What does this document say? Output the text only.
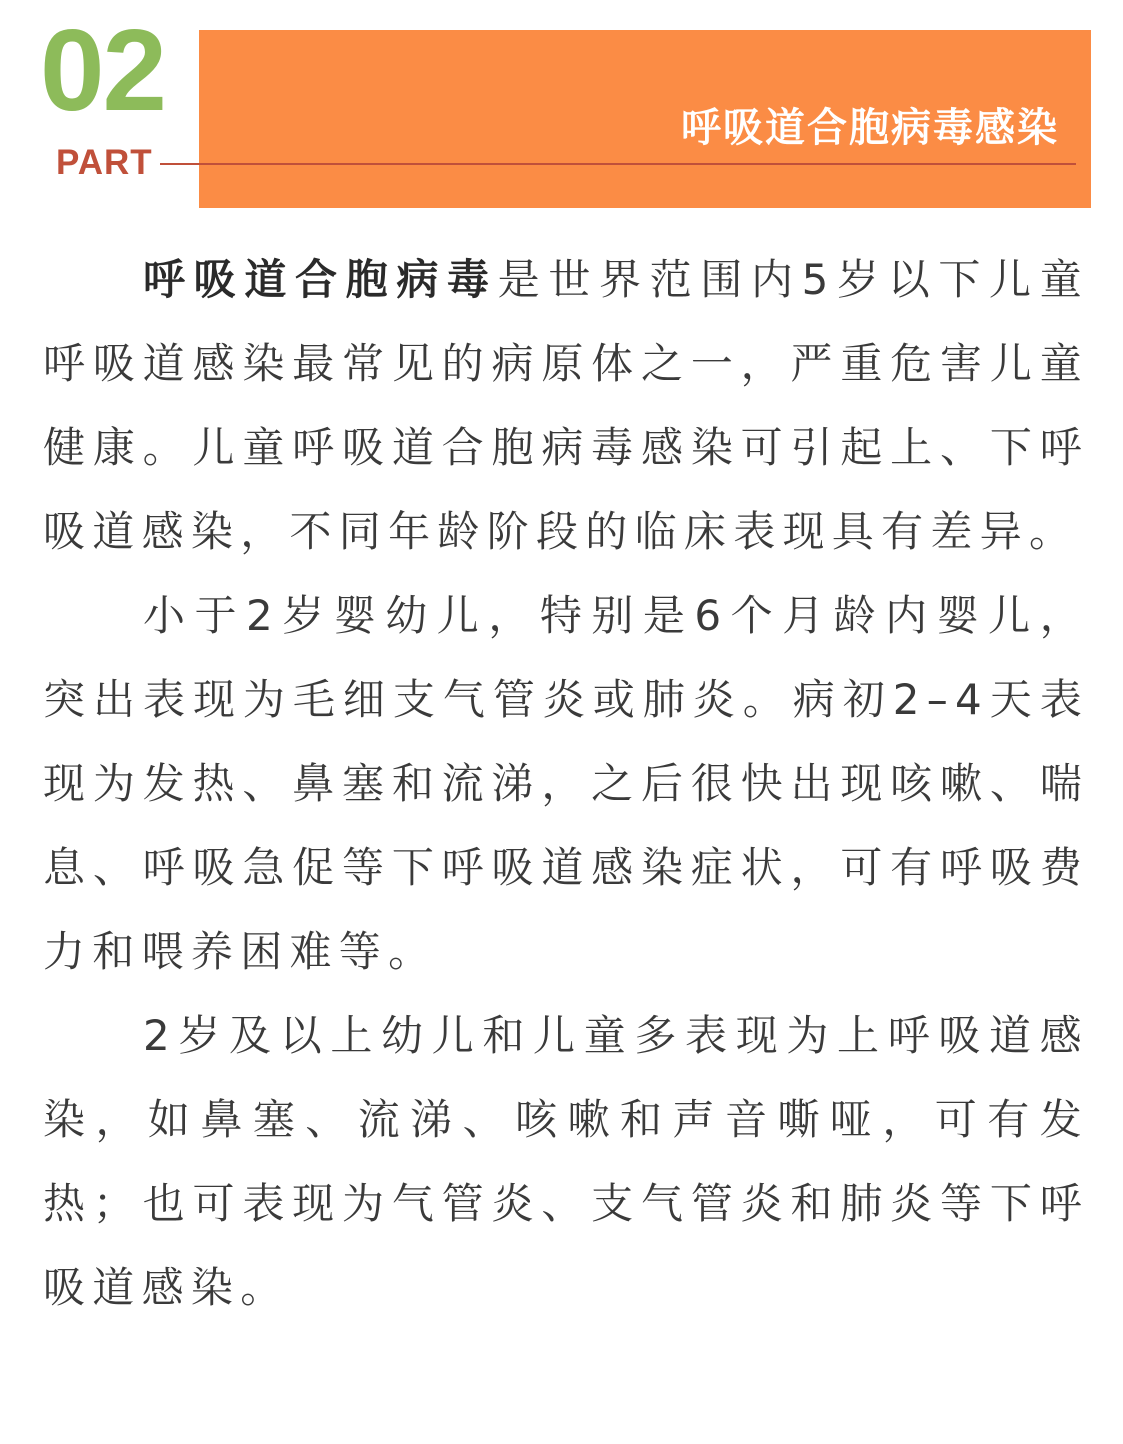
呼吸道合胞病毒感染
02
PART

呼吸道合胞病毒是世界范围内5岁以下儿童呼吸道感染最常见的病原体之一，严重危害儿童健康。儿童呼吸道合胞病毒感染可引起上、下呼吸道感染，不同年龄阶段的临床表现具有差异。

小于2岁婴幼儿，特别是6个月龄内婴儿，突出表现为毛细支气管炎或肺炎。病初2–4天表现为发热、鼻塞和流涕，之后很快出现咳嗽、喘息、呼吸急促等下呼吸道感染症状，可有呼吸费力和喂养困难等。

2岁及以上幼儿和儿童多表现为上呼吸道感染，如鼻塞、流涕、咳嗽和声音嘶哑，可有发热；也可表现为气管炎、支气管炎和肺炎等下呼吸道感染。
